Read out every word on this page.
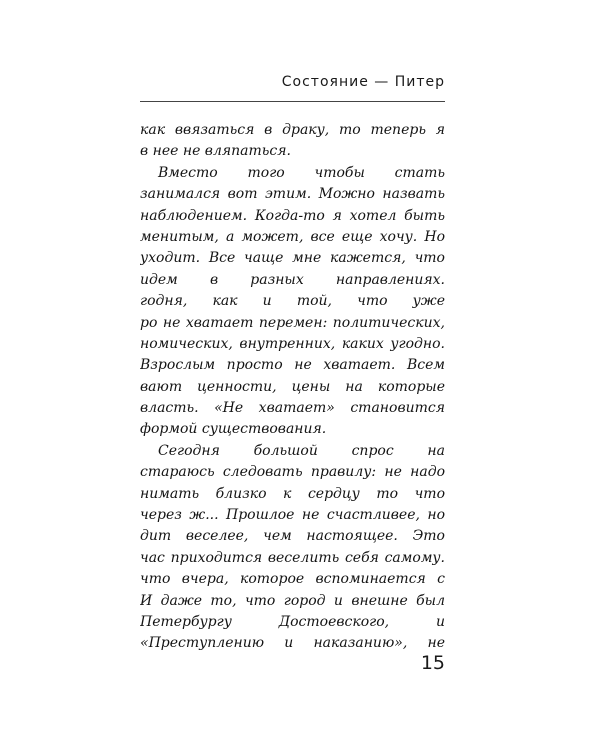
Состояние — Питер
как ввязаться в драку, то теперь я
в нее не вляпаться.
Вместо того чтобы стать
занимался вот этим. Можно назвать
наблюдением. Когда-то я хотел быть
менитым, а может, все еще хочу. Но
уходит. Все чаще мне кажется, что
идем в разных направлениях.
годня, как и той, что уже
ро не хватает перемен: политических,
номических, внутренних, каких угодно.
Взрослым просто не хватает. Всем
вают ценности, цены на которые
власть. «Не хватает» становится
формой существования.
Сегодня большой спрос на
стараюсь следовать правилу: не надо
нимать близко к сердцу то что
через ж... Прошлое не счастливее, но
дит веселее, чем настоящее. Это
час приходится веселить себя самому.
что вчера, которое вспоминается с
И даже то, что город и внешне был
Петербургу Достоевского, и
«Преступлению и наказанию», не
15
